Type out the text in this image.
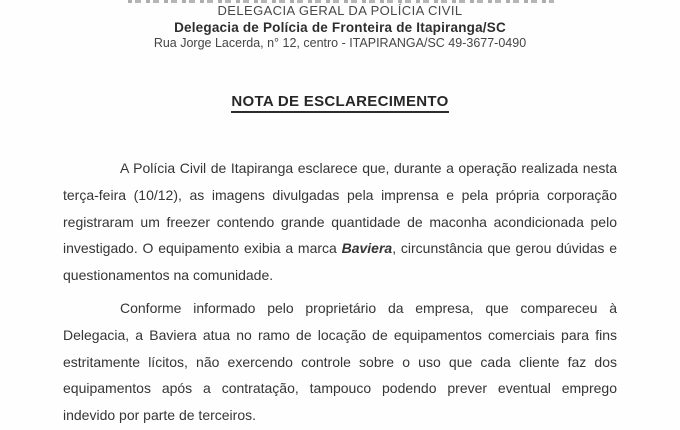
DELEGACIA GERAL DA POLÍCIA CIVIL
Delegacia de Polícia de Fronteira de Itapiranga/SC
Rua Jorge Lacerda, n° 12, centro - ITAPIRANGA/SC 49-3677-0490
NOTA DE ESCLARECIMENTO

A Polícia Civil de Itapiranga esclarece que, durante a operação realizada nesta terça-feira (10/12), as imagens divulgadas pela imprensa e pela própria corporação registraram um freezer contendo grande quantidade de maconha acondicionada pelo investigado. O equipamento exibia a marca Baviera, circunstância que gerou dúvidas e questionamentos na comunidade.

Conforme informado pelo proprietário da empresa, que compareceu à Delegacia, a Baviera atua no ramo de locação de equipamentos comerciais para fins estritamente lícitos, não exercendo controle sobre o uso que cada cliente faz dos equipamentos após a contratação, tampouco podendo prever eventual emprego indevido por parte de terceiros.
